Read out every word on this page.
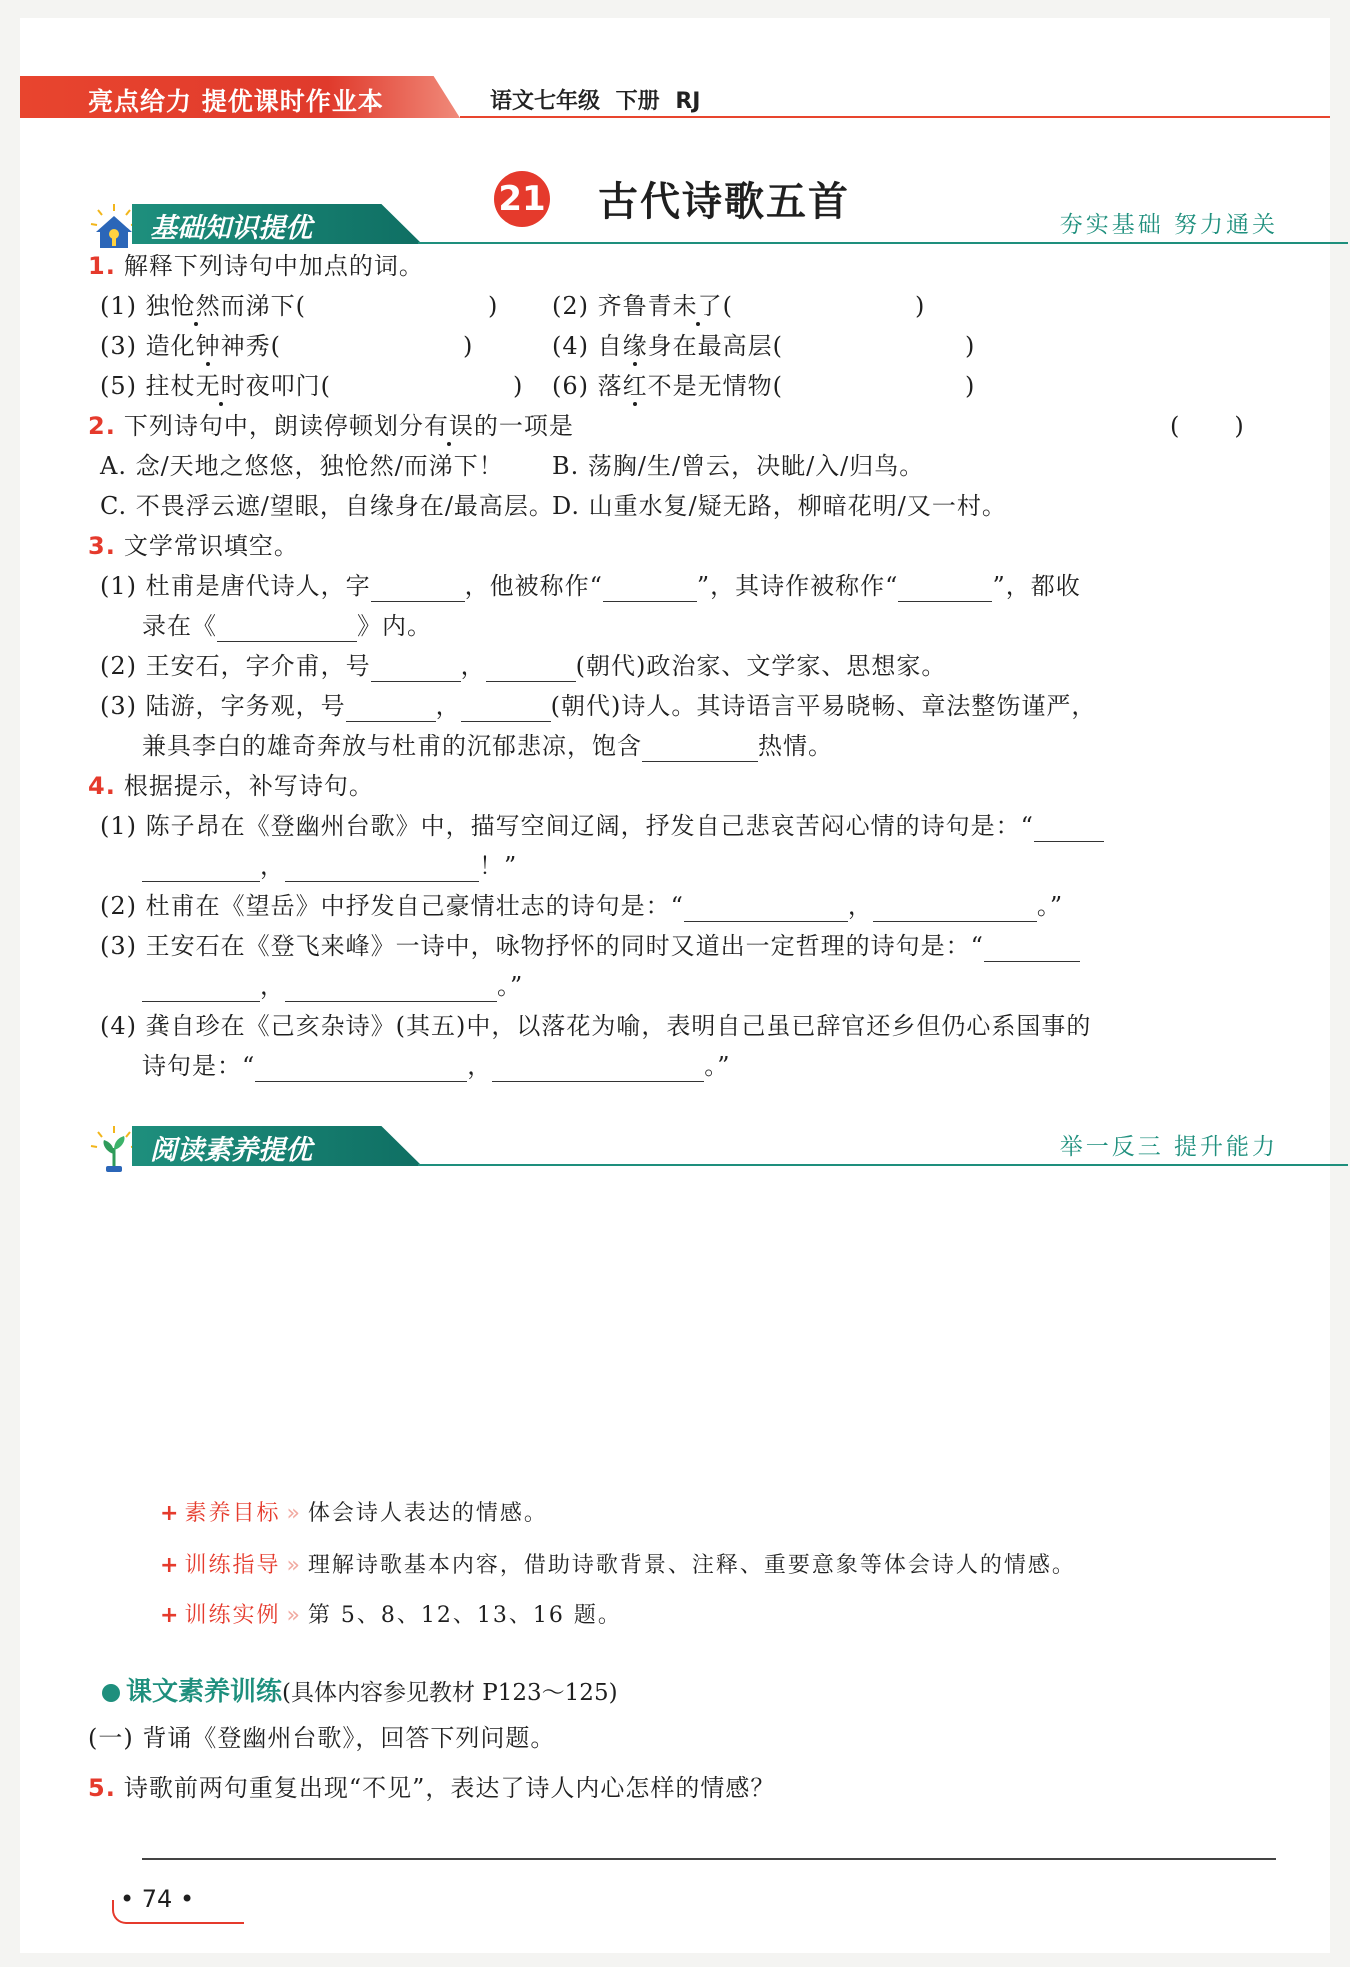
亮点给力 提优课时作业本	语文七年级 下册 RJ
21 古代诗歌五首
基础知识提优	夯实基础 努力通关
1. 解释下列诗句中加点的词。
(1) 独怆然而涕下(	) (2) 齐鲁青未了(	)
(3) 造化钟神秀(	)	(4) 自缘身在最高层(	)
(5) 拄杖无时夜叩门(	) (6) 落红不是无情物(	)
2. 下列诗句中，朗读停顿划分有误的一项是	( )
A. 念/天地之悠悠，独怆然/而涕下！ B. 荡胸/生/曾云，决眦/入/归鸟。
C. 不畏浮云遮/望眼，自缘身在/最高层。
D. 山重水复/疑无路，柳暗花明/又一村。
3. 文学常识填空。
(1) 杜甫是唐代诗人，字	，他被称作“	”，其诗作被称作“	”，都收
录在《	》内。
(2) 王安石，字介甫，号	，	(朝代)政治家、文学家、思想家。
(3) 陆游，字务观，号	，	(朝代)诗人。其诗语言平易晓畅、章法整饬谨严，
兼具李白的雄奇奔放与杜甫的沉郁悲凉，饱含	热情。
4. 根据提示，补写诗句。
(1) 陈子昂在《登幽州台歌》中，描写空间辽阔，抒发自己悲哀苦闷心情的诗句是：“
，	！”
(2) 杜甫在《望岳》中抒发自己豪情壮志的诗句是：“	，	。”
(3) 王安石在《登飞来峰》一诗中，咏物抒怀的同时又道出一定哲理的诗句是：“
，	。”
(4) 龚自珍在《己亥杂诗》(其五)中，以落花为喻，表明自己虽已辞官还乡但仍心系国事的
诗句是：“	，	。”
阅读素养提优	举一反三 提升能力
+ 素养目标 » 体会诗人表达的情感。
+ 训练指导 » 理解诗歌基本内容，借助诗歌背景、注释、重要意象等体会诗人的情感。
+ 训练实例 » 第 5、8、12、13、16 题。
课文素养训练(具体内容参见教材 P123～125)
(一) 背诵《登幽州台歌》，回答下列问题。
5. 诗歌前两句重复出现“不见”，表达了诗人内心怎样的情感？
• 74 •
